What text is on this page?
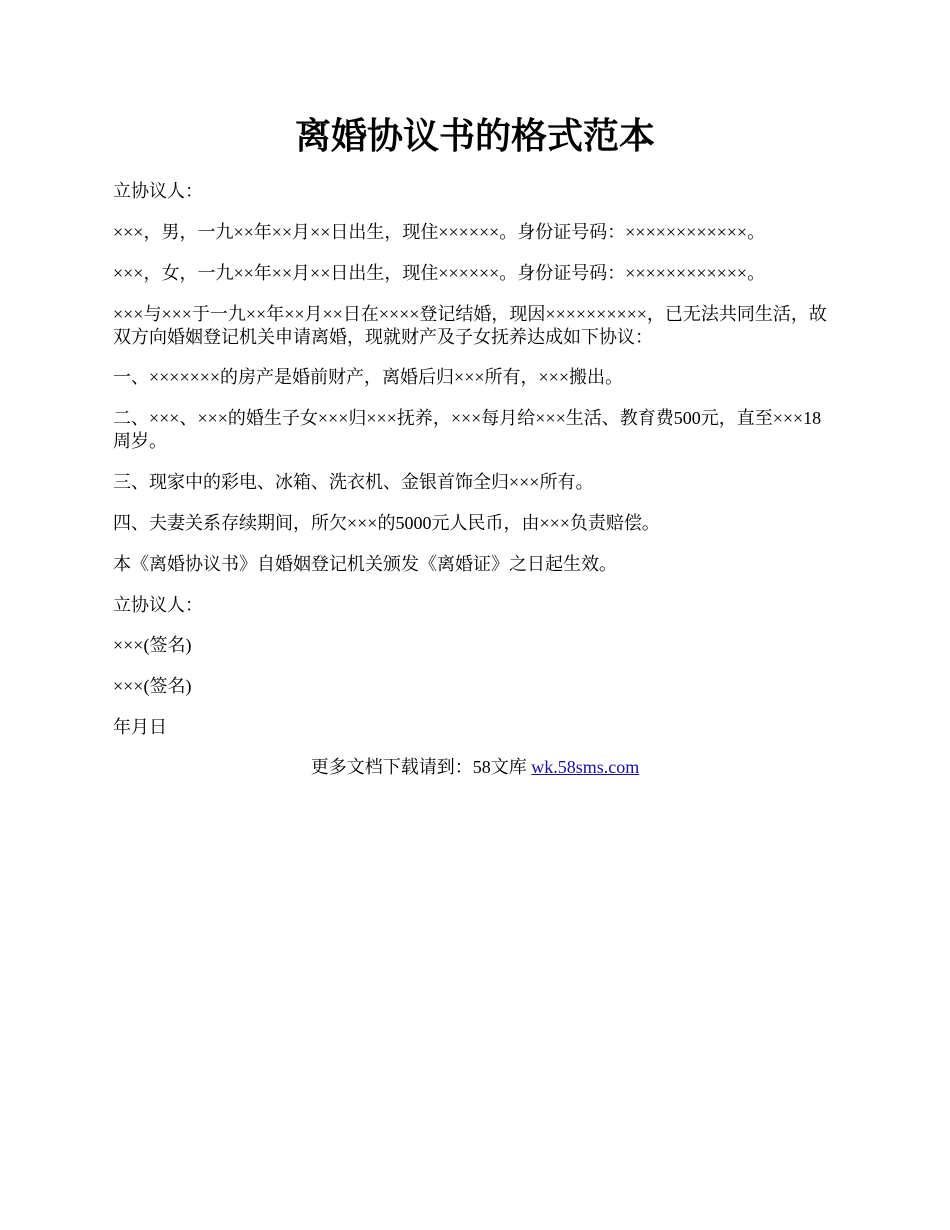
离婚协议书的格式范本

立协议人：

×××，男，一九××年××月××日出生，现住××××××。身份证号码：××××××××××××。

×××，女，一九××年××月××日出生，现住××××××。身份证号码：××××××××××××。

×××与×××于一九××年××月××日在××××登记结婚，现因××××××××××，已无法共同生活，故双方向婚姻登记机关申请离婚，现就财产及子女抚养达成如下协议：

一、×××××××的房产是婚前财产，离婚后归×××所有，×××搬出。

二、×××、×××的婚生子女×××归×××抚养，×××每月给×××生活、教育费500元，直至×××18周岁。

三、现家中的彩电、冰箱、洗衣机、金银首饰全归×××所有。

四、夫妻关系存续期间，所欠×××的5000元人民币，由×××负责赔偿。

本《离婚协议书》自婚姻登记机关颁发《离婚证》之日起生效。

立协议人：

×××(签名)

×××(签名)

年月日

更多文档下载请到：58文库 wk.58sms.com
